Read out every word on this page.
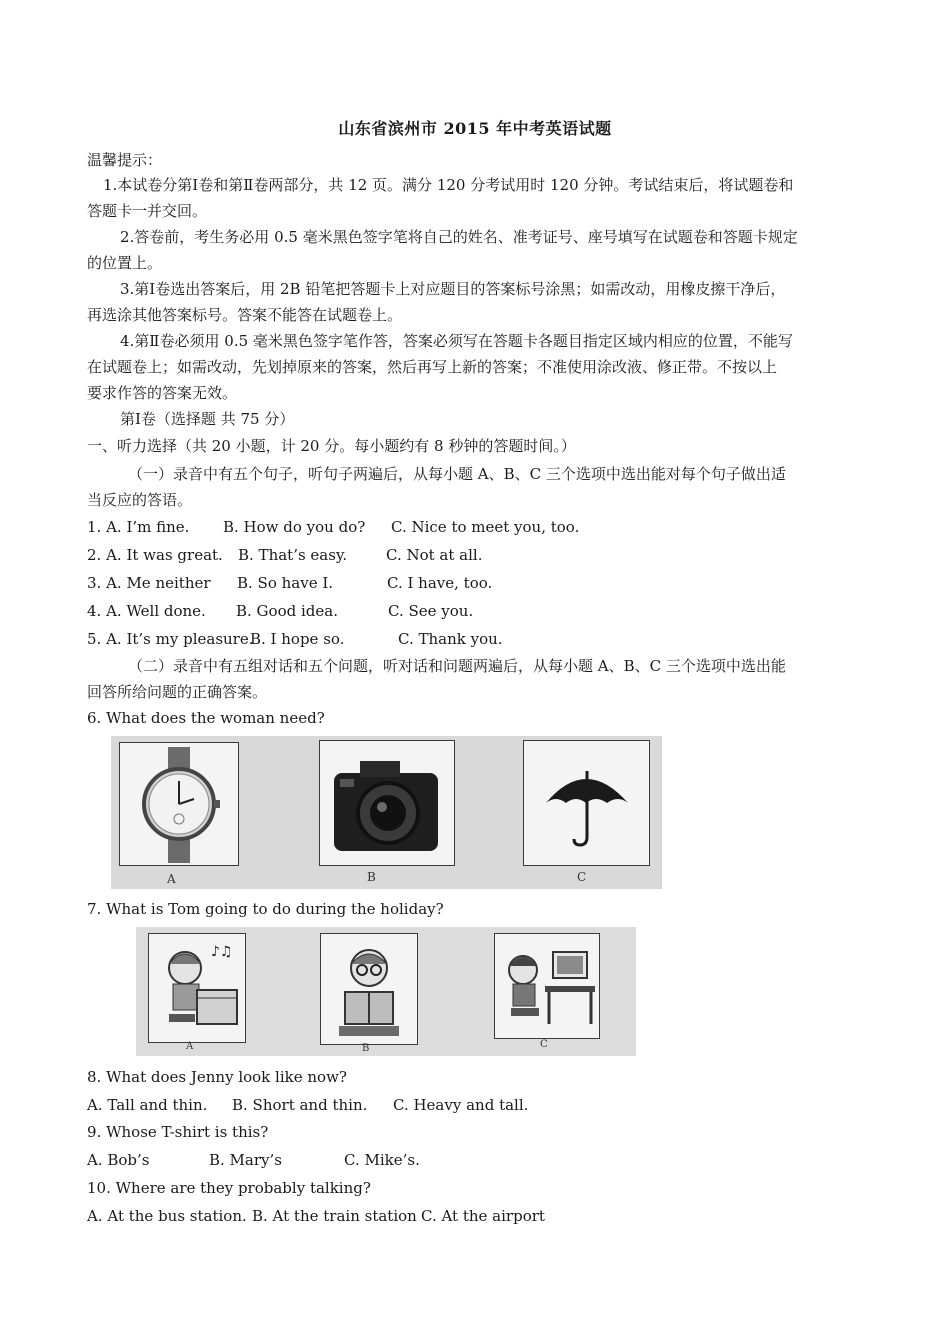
山东省滨州市 2015 年中考英语试题
温馨提示：
1.本试卷分第Ⅰ卷和第Ⅱ卷两部分，共 12 页。满分 120 分考试用时 120 分钟。考试结束后，将试题卷和
答题卡一并交回。
2.答卷前，考生务必用 0.5 毫米黑色签字笔将自己的姓名、准考证号、座号填写在试题卷和答题卡规定
的位置上。
3.第Ⅰ卷选出答案后，用 2B 铅笔把答题卡上对应题目的答案标号涂黑；如需改动，用橡皮擦干净后，
再选涂其他答案标号。答案不能答在试题卷上。
4.第Ⅱ卷必须用 0.5 毫米黑色签字笔作答，答案必须写在答题卡各题目指定区域内相应的位置，不能写
在试题卷上；如需改动，先划掉原来的答案，然后再写上新的答案；不准使用涂改液、修正带。不按以上
要求作答的答案无效。
第Ⅰ卷（选择题 共 75 分）
一、听力选择（共 20 小题，计 20 分。每小题约有 8 秒钟的答题时间。）
（一）录音中有五个句子，听句子两遍后，从每小题 A、B、C 三个选项中选出能对每个句子做出适
当反应的答语。
1. A. I’m fine. B. How do you do? C. Nice to meet you, too.
2. A. It was great. B. That’s easy.	C. Not at all.
3. A. Me neither B. So have I.	C. I have, too.
4. A. Well done. B. Good idea.	C. See you.
5. A. It’s my pleasure.
B. I hope so.	C. Thank you.
（二）录音中有五组对话和五个问题，听对话和问题两遍后，从每小题 A、B、C 三个选项中选出能
回答所给问题的正确答案。
6. What does the woman need?
A	B	C
7. What is Tom going to do during the holiday?
♪♫
A	B	C
8. What does Jenny look like now?
A. Tall and thin. B. Short and thin. C. Heavy and tall.
9. Whose T-shirt is this?
A. Bob’s	B. Mary’s	C. Mike’s.
10. Where are they probably talking?
A. At the bus station. B. At the train station C. At the airport
